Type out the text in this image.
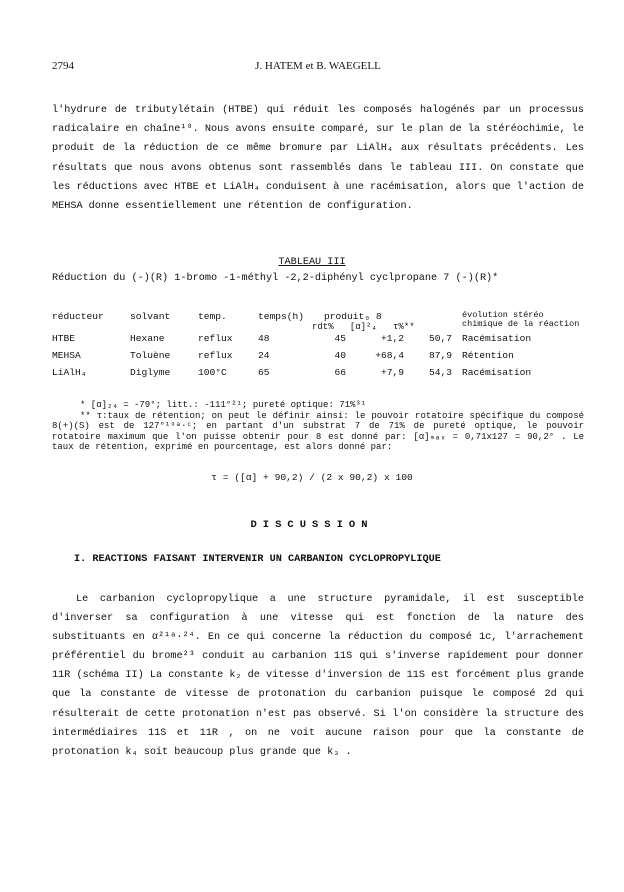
2794	J. HATEM et B. WAEGELL

l'hydrure de tributylétain (HTBE) qui réduit les composés halogénés par un processus radicalaire en chaîne¹⁸. Nous avons ensuite comparé, sur le plan de la stéréochimie, le produit de la réduction de ce même bromure par LiAlH₄ aux résultats précédents. Les résultats que nous avons obtenus sont rassemblés dans le tableau III. On constate que les réductions avec HTBE et LiAlH₄ conduisent à une racémisation, alors que l'action de MEHSA donne essentiellement une rétention de configuration.

TABLEAU III
Réduction du (-)(R) 1-bromo -1-méthyl -2,2-diphényl cyclpropane 7 (-)(R)*
réducteur	solvant	temp.	temps(h)	produit₀ 8
rdt% [α]²₄ τ%**			évolution stéréo chimique de la réaction
HTBE	Hexane	reflux	48	45	+1,2	50,7	Racémisation
MEHSA	Toluène	reflux	24	40	+68,4	87,9	Rétention
LiAlH₄	Diglyme	100°C	65	66	+7,9	54,3	Racémisation
* [α]₂₄ = -79°; litt.: -111°²¹; pureté optique: 71%³¹
** τ:taux de rétention; on peut le définir ainsi: le pouvoir rotatoire spécifique du composé 8(+)(S) est de 127°¹⁹ᵃ·ᶜ; en partant d'un substrat 7 de 71% de pureté optique, le pouvoir rotatoire maximum que l'on puisse obtenir pour 8 est donné par: [α]ₘₐₓ = 0,71x127 = 90,2° . Le taux de rétention, exprimé en pourcentage, est alors donné par:
τ = ([α] + 90,2) / (2 x 90,2) x 100
DISCUSSION
I. REACTIONS FAISANT INTERVENIR UN CARBANION CYCLOPROPYLIQUE

Le carbanion cyclopropylique a une structure pyramidale, il est susceptible d'inverser sa configuration à une vitesse qui est fonction de la nature des substituants en α²¹ᵃ·²⁴. En ce qui concerne la réduction du composé 1c, l'arrachement préférentiel du brome²³ conduit au carbanion 11S qui s'inverse rapidement pour donner 11R (schéma II) La constante k₂ de vitesse d'inversion de 11S est forcément plus grande que la constante de vitesse de protonation du carbanion puisque le composé 2d qui résulterait de cette protonation n'est pas observé. Si l'on considère la structure des intermédiaires 11S et 11R , on ne voit aucune raison pour que la constante de protonation k₄ soit beaucoup plus grande que k₃ .
